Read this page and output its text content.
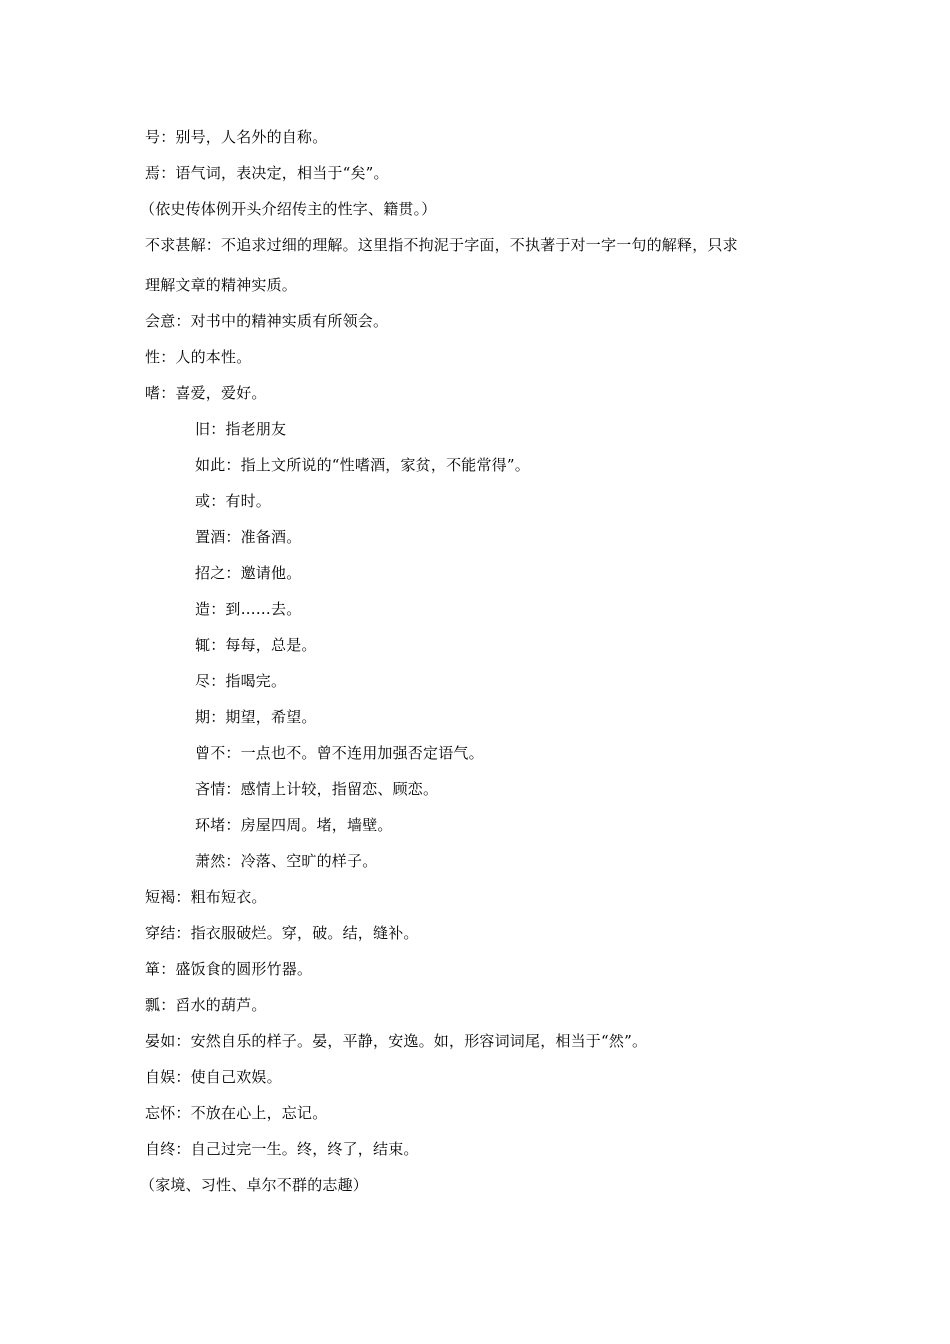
号：别号，人名外的自称。
焉：语气词，表决定，相当于“矣”。
（依史传体例开头介绍传主的性字、籍贯。）
不求甚解：不追求过细的理解。这里指不拘泥于字面，不执著于对一字一句的解释，只求
理解文章的精神实质。
会意：对书中的精神实质有所领会。
性：人的本性。
嗜：喜爱，爱好。
旧：指老朋友
如此：指上文所说的“性嗜酒，家贫，不能常得”。
或：有时。
置酒：准备酒。
招之：邀请他。
造：到……去。
辄：每每，总是。
尽：指喝完。
期：期望，希望。
曾不：一点也不。曾不连用加强否定语气。
吝情：感情上计较，指留恋、顾恋。
环堵：房屋四周。堵，墙壁。
萧然：冷落、空旷的样子。
短褐：粗布短衣。
穿结：指衣服破烂。穿，破。结，缝补。
箪：盛饭食的圆形竹器。
瓢：舀水的葫芦。
晏如：安然自乐的样子。晏，平静，安逸。如，形容词词尾，相当于“然”。
自娱：使自己欢娱。
忘怀：不放在心上，忘记。
自终：自己过完一生。终，终了，结束。
（家境、习性、卓尔不群的志趣）
